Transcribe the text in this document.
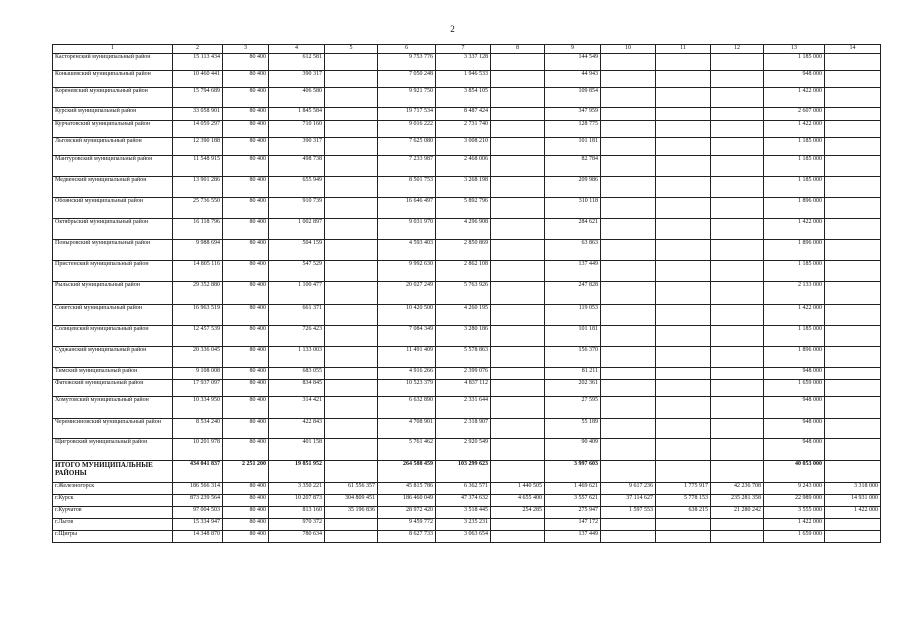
2
1	2	3	4	5	6	7	8	9	10	11	12	13	14
Касторенский муниципальный район	15 113 434	80 400	612 581		9 753 776	3 337 128		144 549				1 185 000	
Конышевский муниципальный район	10 460 441	80 400	390 317		7 050 248	1 946 533		44 943				948 000	
Кореневский муниципальный район	15 794 689	80 400	406 580		9 921 750	3 854 105		109 854				1 422 000	
Курский муниципальный район	33 058 901	80 400	1 845 584		19 717 534	8 487 424		347 959				2 607 000	
Курчатовский муниципальный район	14 059 297	80 400	710 160		9 016 222	2 731 740		128 775				1 422 000	
Льговский муниципальный район	12 390 188	80 400	390 317		7 625 080	3 008 210		101 181				1 185 000	
Мантуровский муниципальный район	11 548 915	80 400	498 738		7 233 987	2 468 006		82 784				1 185 000	
Медвенский муниципальный район	13 901 286	80 400	655 949		8 501 753	3 268 198		209 986				1 185 000	
Обоянский муниципальный район	25 736 550	80 400	910 739		16 646 497	5 892 796		310 118				1 896 000	
Октябрьский муниципальный район	16 118 796	80 400	1 002 897		9 031 970	4 296 908		284 621				1 422 000	
Поныровский муниципальный район	9 988 694	80 400	504 159		4 593 403	2 850 869		63 863				1 896 000	
Пристенский муниципальный район	14 805 116	80 400	547 529		9 992 630	2 862 108		137 449				1 185 000	
Рыльский муниципальный район	29 352 880	80 400	1 100 477		20 027 249	5 763 926		247 828				2 133 000	
Советский муниципальный район	16 963 519	80 400	661 371		10 420 500	4 260 195		119 053				1 422 000	
Солнцевский муниципальный район	12 457 539	80 400	726 423		7 084 349	3 280 186		101 181				1 185 000	
Суджанский муниципальный район	20 336 045	80 400	1 133 003		11 491 409	5 578 863		156 370				1 896 000	
Тимский муниципальный район	9 108 008	80 400	683 055		4 916 266	2 399 076		81 211				948 000	
Фатежский муниципальный район	17 937 097	80 400	834 845		10 523 379	4 837 112		202 361				1 659 000	
Хомутовский муниципальный район	10 334 950	80 400	314 421		6 632 890	2 331 644		27 595				948 000	
Черемисиновский муниципальный район	8 534 240	80 400	422 843		4 708 901	2 318 907		55 189				948 000	
Щигровский муниципальный район	10 201 978	80 400	401 158		5 761 462	2 920 549		90 409				948 000	
ИТОГО МУНИЦИПАЛЬНЫЕ РАЙОНЫ	434 041 837	2 251 200	19 851 952		264 588 459	103 299 623		3 997 603				40 053 000	
г.Железногорск	186 566 314	80 400	3 350 221	61 556 357	45 815 786	6 362 571	1 440 505	1 469 621	9 617 236	1 775 917	42 236 708	9 243 000	3 318 000
г.Курск	873 239 564	80 400	10 207 873	304 809 451	186 460 049	47 374 632	4 655 400	3 557 621	37 114 627	5 778 153	235 281 358	22 989 000	14 931 000
г.Курчатов	97 004 503	80 400	813 160	35 196 836	28 972 420	3 518 445	254 285	275 947	1 597 553	638 215	21 280 242	3 555 000	1 422 000
г.Льгов	15 334 947	80 400	970 372		9 459 772	3 235 231		147 172				1 422 000	
г.Щигры	14 348 870	80 400	780 634		8 627 733	3 063 654		137 449				1 659 000	
